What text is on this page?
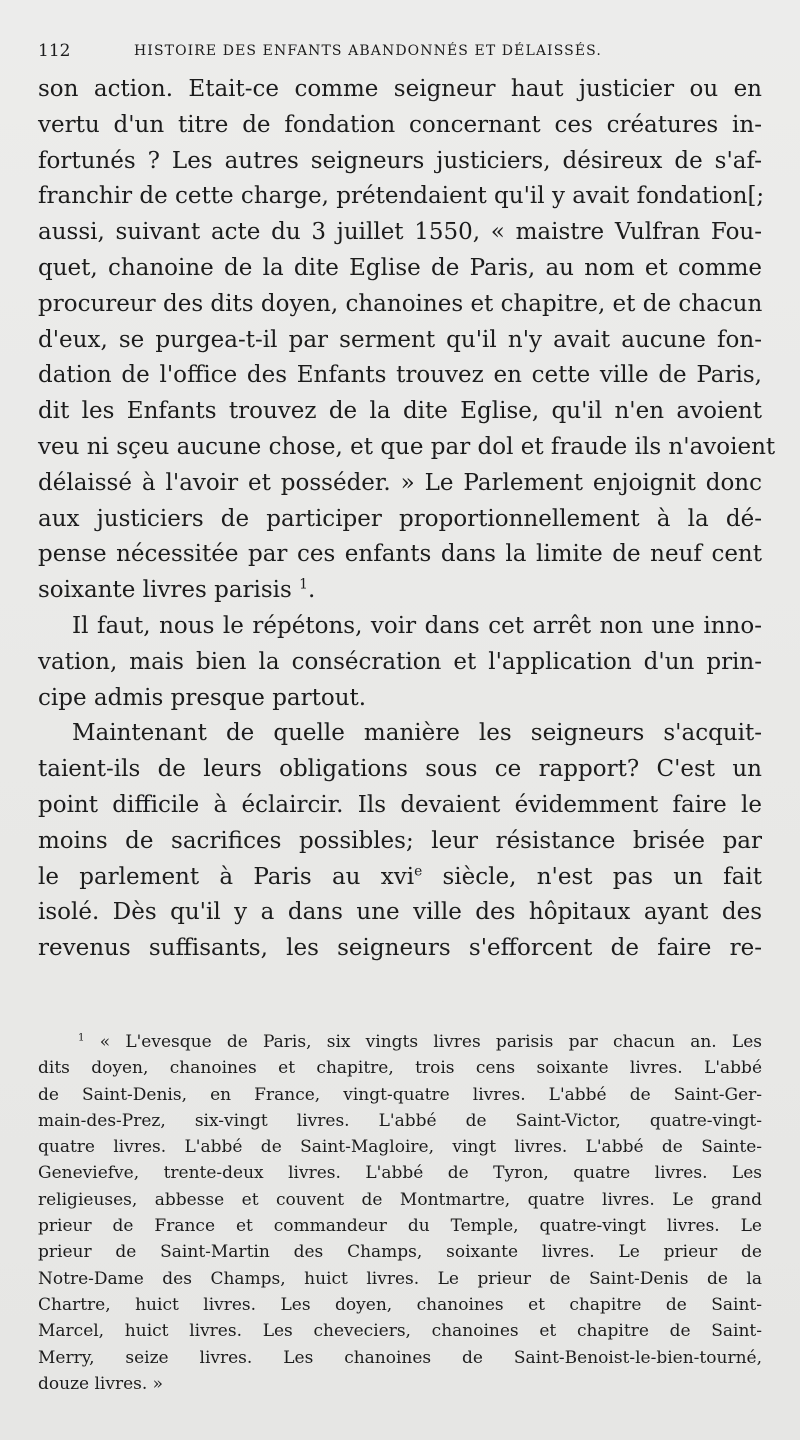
112	HISTOIRE DES ENFANTS ABANDONNÉS ET DÉLAISSÉS.
son action. Etait-ce comme seigneur haut justicier ou en
vertu d'un titre de fondation concernant ces créatures in-
fortunés ? Les autres seigneurs justiciers, désireux de s'af-
franchir de cette charge, prétendaient qu'il y avait fondation[;
aussi, suivant acte du 3 juillet 1550, « maistre Vulfran Fou-
quet, chanoine de la dite Eglise de Paris, au nom et comme
procureur des dits doyen, chanoines et chapitre, et de chacun
d'eux, se purgea-t-il par serment qu'il n'y avait aucune fon-
dation de l'office des Enfants trouvez en cette ville de Paris,
dit les Enfants trouvez de la dite Eglise, qu'il n'en avoient
veu ni sçeu aucune chose, et que par dol et fraude ils n'avoient
délaissé à l'avoir et posséder. » Le Parlement enjoignit donc
aux justiciers de participer proportionnellement à la dé-
pense nécessitée par ces enfants dans la limite de neuf cent
soixante livres parisis $^1$.
Il faut, nous le répétons, voir dans cet arrêt non une inno-
vation, mais bien la consécration et l'application d'un prin-
cipe admis presque partout.
Maintenant de quelle manière les seigneurs s'acquit-
taient-ils de leurs obligations sous ce rapport? C'est un
point difficile à éclaircir. Ils devaient évidemment faire le
moins de sacrifices possibles; leur résistance brisée par
le parlement à Paris au xvi$^e$ siècle, n'est pas un fait
isolé. Dès qu'il y a dans une ville des hôpitaux ayant des
revenus suffisants, les seigneurs s'efforcent de faire re-
$^1$ « L'evesque de Paris, six vingts livres parisis par chacun an. Les
dits doyen, chanoines et chapitre, trois cens soixante livres. L'abbé
de Saint-Denis, en France, vingt-quatre livres. L'abbé de Saint-Ger-
main-des-Prez, six-vingt livres. L'abbé de Saint-Victor, quatre-vingt-
quatre livres. L'abbé de Saint-Magloire, vingt livres. L'abbé de Sainte-
Geneviefve, trente-deux livres. L'abbé de Tyron, quatre livres. Les
religieuses, abbesse et couvent de Montmartre, quatre livres. Le grand
prieur de France et commandeur du Temple, quatre-vingt livres. Le
prieur de Saint-Martin des Champs, soixante livres. Le prieur de
Notre-Dame des Champs, huict livres. Le prieur de Saint-Denis de la
Chartre, huict livres. Les doyen, chanoines et chapitre de Saint-
Marcel, huict livres. Les cheveciers, chanoines et chapitre de Saint-
Merry, seize livres. Les chanoines de Saint-Benoist-le-bien-tourné,
douze livres. »
